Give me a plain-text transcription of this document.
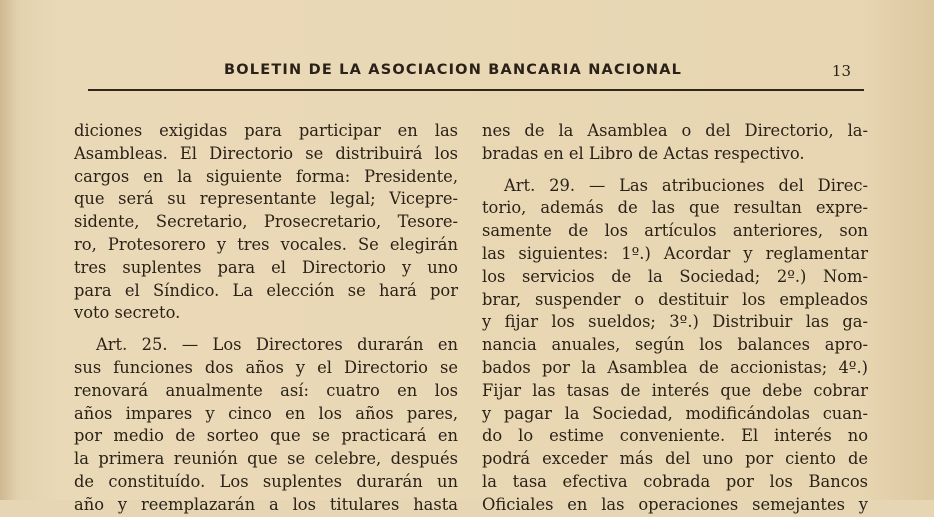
BOLETIN DE LA ASOCIACION BANCARIA NACIONAL	13
diciones exigidas para participar en las
Asambleas. El Directorio se distribuirá los
cargos en la siguiente forma: Presidente,
que será su representante legal; Vicepre-
sidente, Secretario, Prosecretario, Tesore-
ro, Protesorero y tres vocales. Se elegirán
tres suplentes para el Directorio y uno
para el Síndico. La elección se hará por
voto secreto.
Art. 25. — Los Directores durarán en
sus funciones dos años y el Directorio se
renovará anualmente así: cuatro en los
años impares y cinco en los años pares,
por medio de sorteo que se practicará en
la primera reunión que se celebre, después
de constituído. Los suplentes durarán un
año y reemplazarán a los titulares hasta
nes de la Asamblea o del Directorio, la-
bradas en el Libro de Actas respectivo.
Art. 29. — Las atribuciones del Direc-
torio, además de las que resultan expre-
samente de los artículos anteriores, son
las siguientes: 1º.) Acordar y reglamentar
los servicios de la Sociedad; 2º.) Nom-
brar, suspender o destituir los empleados
y fijar los sueldos; 3º.) Distribuir las ga-
nancia anuales, según los balances apro-
bados por la Asamblea de accionistas; 4º.)
Fijar las tasas de interés que debe cobrar
y pagar la Sociedad, modificándolas cuan-
do lo estime conveniente. El interés no
podrá exceder más del uno por ciento de
la tasa efectiva cobrada por los Bancos
Oficiales en las operaciones semejantes y
